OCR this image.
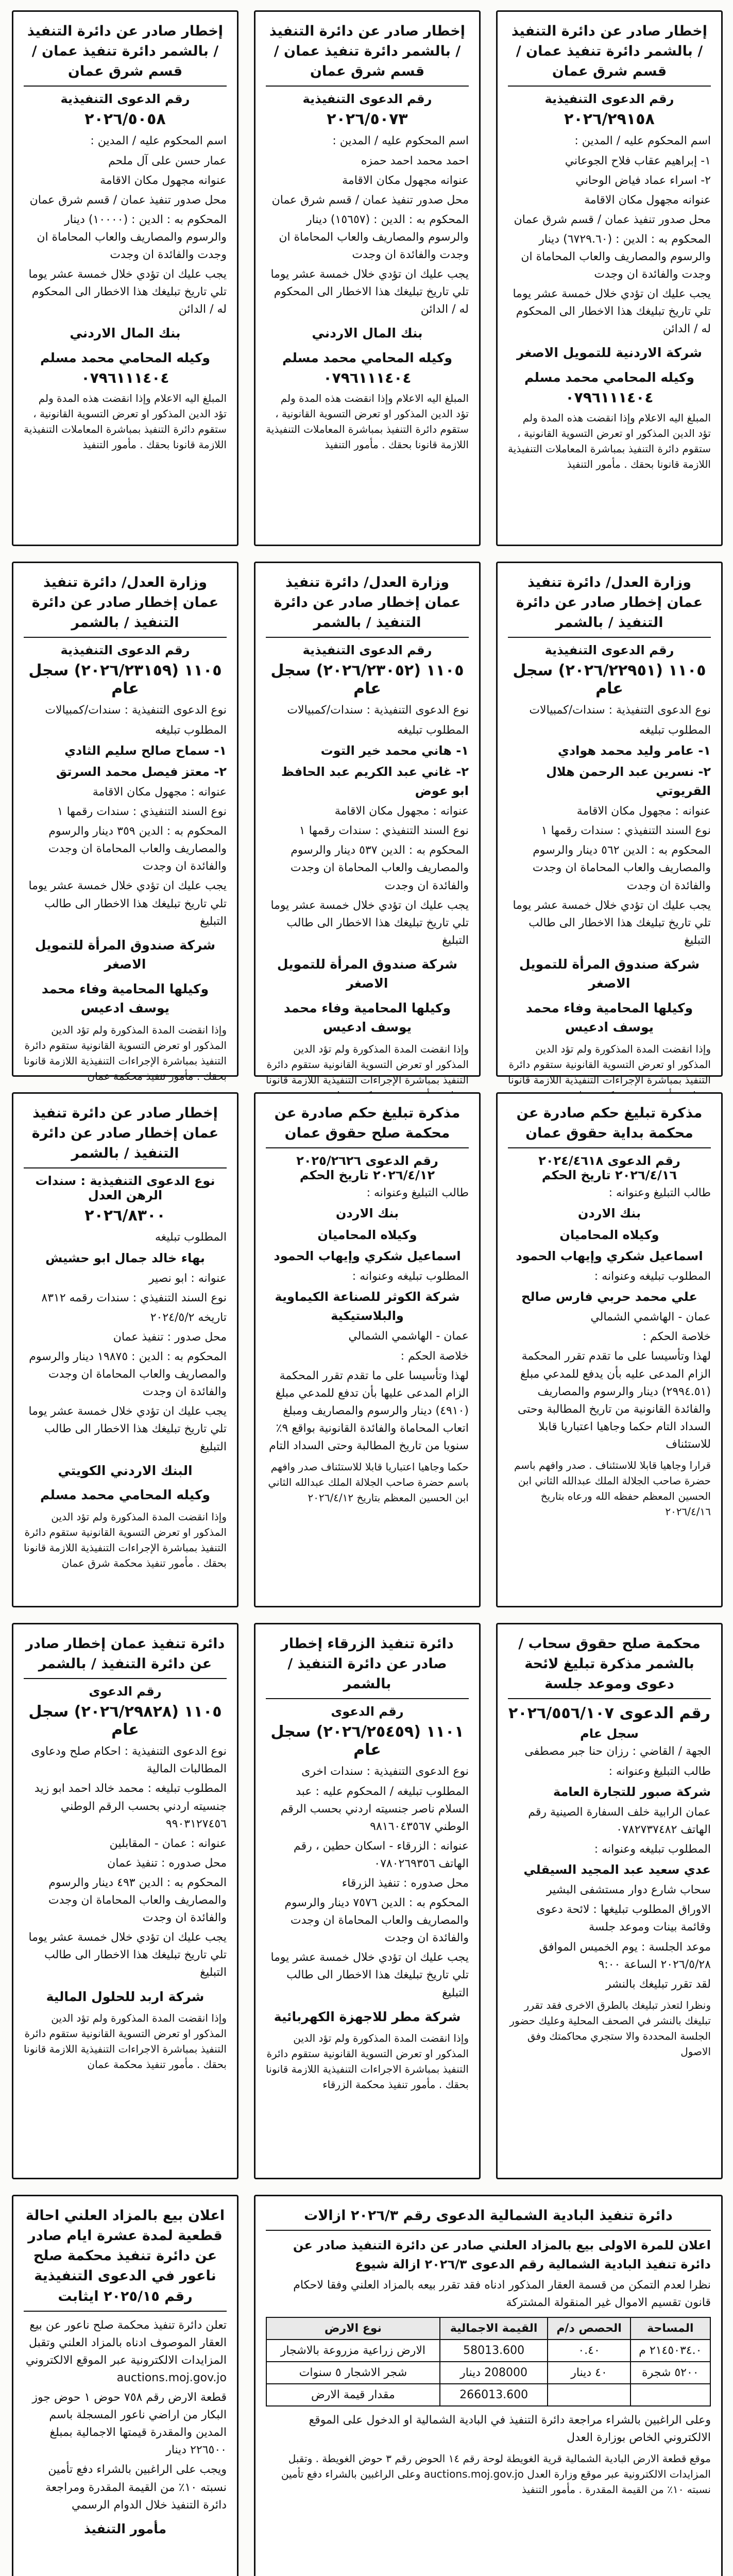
إخطار صادر عن دائرة التنفيذ / بالشمر دائرة تنفيذ عمان / قسم شرق عمان
رقم الدعوى التنفيذية
٢٠٢٦/٢٩١٥٨

اسم المحكوم عليه / المدين :

١- إبراهيم عقاب فلاح الجوعاني

٢- اسراء عماد فياض الوحاني

عنوانه مجهول مكان الاقامة

محل صدور تنفيذ عمان / قسم شرق عمان

المحكوم به : الدين : (٦٧٢٩.٦٠) دينار والرسوم والمصاريف والعاب المحاماة ان وجدت والفائدة ان وجدت

يجب عليك ان تؤدي خلال خمسة عشر يوما تلي تاريخ تبليغك هذا الاخطار الى المحكوم له / الدائن

شركة الاردنية للتمويل الاصغر
وكيله المحامي محمد مسلم
٠٧٩٦١١١٤٠٤
المبلغ اليه الاعلام وإذا انقضت هذه المدة ولم تؤد الدين المذكور او تعرض التسوية القانونية ، ستقوم دائرة التنفيذ بمباشرة المعاملات التنفيذية اللازمة قانونا بحقك . مأمور التنفيذ
إخطار صادر عن دائرة التنفيذ / بالشمر دائرة تنفيذ عمان / قسم شرق عمان
رقم الدعوى التنفيذية
٢٠٢٦/٥٠٧٣

اسم المحكوم عليه / المدين :

احمد محمد احمد حمزه

عنوانه مجهول مكان الاقامة

محل صدور تنفيذ عمان / قسم شرق عمان

المحكوم به : الدين : (١٥٦٥٧) دينار والرسوم والمصاريف والعاب المحاماة ان وجدت والفائدة ان وجدت

يجب عليك ان تؤدي خلال خمسة عشر يوما تلي تاريخ تبليغك هذا الاخطار الى المحكوم له / الدائن

بنك المال الاردني
وكيله المحامي محمد مسلم
٠٧٩٦١١١٤٠٤
المبلغ اليه الاعلام وإذا انقضت هذه المدة ولم تؤد الدين المذكور او تعرض التسوية القانونية ، ستقوم دائرة التنفيذ بمباشرة المعاملات التنفيذية اللازمة قانونا بحقك . مأمور التنفيذ
إخطار صادر عن دائرة التنفيذ / بالشمر دائرة تنفيذ عمان / قسم شرق عمان
رقم الدعوى التنفيذية
٢٠٢٦/٥٠٥٨

اسم المحكوم عليه / المدين :

عمار حسن على آل ملحم

عنوانه مجهول مكان الاقامة

محل صدور تنفيذ عمان / قسم شرق عمان

المحكوم به : الدين : (١٠٠٠٠) دينار والرسوم والمصاريف والعاب المحاماة ان وجدت والفائدة ان وجدت

يجب عليك ان تؤدي خلال خمسة عشر يوما تلي تاريخ تبليغك هذا الاخطار الى المحكوم له / الدائن

بنك المال الاردني
وكيله المحامي محمد مسلم
٠٧٩٦١١١٤٠٤
المبلغ اليه الاعلام وإذا انقضت هذه المدة ولم تؤد الدين المذكور او تعرض التسوية القانونية ، ستقوم دائرة التنفيذ بمباشرة المعاملات التنفيذية اللازمة قانونا بحقك . مأمور التنفيذ
وزارة العدل/ دائرة تنفيذ عمان إخطار صادر عن دائرة التنفيذ / بالشمر
رقم الدعوى التنفيذية
١١٠٥ (٢٠٢٦/٢٢٩٥١) سجل عام

نوع الدعوى التنفيذية : سندات/كمبيالات

المطلوب تبليغه

١- عامر وليد محمد هوادي

٢- نسرين عبد الرحمن هلال القريوتي

عنوانه : مجهول مكان الاقامة

نوع السند التنفيذي : سندات رقمها ١

المحكوم به : الدين ٥٦٢ دينار والرسوم والمصاريف والعاب المحاماة ان وجدت والفائدة ان وجدت

يجب عليك ان تؤدي خلال خمسة عشر يوما تلي تاريخ تبليغك هذا الاخطار الى طالب التبليغ

شركة صندوق المرأة للتمويل الاصغر
وكيلها المحامية وفاء محمد يوسف ادعيس
وإذا انقضت المدة المذكورة ولم تؤد الدين المذكور او تعرض التسوية القانونية ستقوم دائرة التنفيذ بمباشرة الإجراءات التنفيذية اللازمة قانونا
وزارة العدل/ دائرة تنفيذ عمان إخطار صادر عن دائرة التنفيذ / بالشمر
رقم الدعوى التنفيذية
١١٠٥ (٢٠٢٦/٢٣٠٥٢) سجل عام

نوع الدعوى التنفيذية : سندات/كمبيالات

المطلوب تبليغه

١- هاني محمد خير التوت

٢- غاني عبد الكريم عبد الحافظ ابو عوض

عنوانه : مجهول مكان الاقامة

نوع السند التنفيذي : سندات رقمها ١

المحكوم به : الدين ٥٣٧ دينار والرسوم والمصاريف والعاب المحاماة ان وجدت والفائدة ان وجدت

يجب عليك ان تؤدي خلال خمسة عشر يوما تلي تاريخ تبليغك هذا الاخطار الى طالب التبليغ

شركة صندوق المرأة للتمويل الاصغر
وكيلها المحامية وفاء محمد يوسف ادعيس
وإذا انقضت المدة المذكورة ولم تؤد الدين المذكور او تعرض التسوية القانونية ستقوم دائرة التنفيذ بمباشرة الإجراءات التنفيذية اللازمة قانونا
وزارة العدل/ دائرة تنفيذ عمان إخطار صادر عن دائرة التنفيذ / بالشمر
رقم الدعوى التنفيذية
١١٠٥ (٢٠٢٦/٢٣١٥٩) سجل عام

نوع الدعوى التنفيذية : سندات/كمبيالات

المطلوب تبليغه

١- سماح صالح سليم الثادي

٢- معتز فيصل محمد السرتق

عنوانه : مجهول مكان الاقامة

نوع السند التنفيذي : سندات رقمها ١

المحكوم به : الدين ٣٥٩ دينار والرسوم والمصاريف والعاب المحاماة ان وجدت والفائدة ان وجدت

يجب عليك ان تؤدي خلال خمسة عشر يوما تلي تاريخ تبليغك هذا الاخطار الى طالب التبليغ

شركة صندوق المرأة للتمويل الاصغر
وكيلها المحامية وفاء محمد يوسف ادعيس
وإذا انقضت المدة المذكورة ولم تؤد الدين المذكور او تعرض التسوية القانونية ستقوم دائرة التنفيذ بمباشرة الإجراءات التنفيذية اللازمة قانونا بحقك . مأمور تنفيذ محكمة عمان
مذكرة تبليغ حكم صادرة عن محكمة بداية حقوق عمان
رقم الدعوى ٢٠٢٤/٤٦١٨
٢٠٢٦/٤/١٦ تاريخ الحكم

طالب التبليغ وعنوانه :

بنك الاردن

وكيلاه المحاميان

اسماعيل شكري وإيهاب الحمود

المطلوب تبليغه وعنوانه :

علي محمد حربي فارس صالح

عمان - الهاشمي الشمالي

خلاصة الحكم :

لهذا وتأسيسا على ما تقدم تقرر المحكمة الزام المدعى عليه بأن يدفع للمدعي مبلغ (٢٩٩٤.٥١) دينار والرسوم والمصاريف والفائدة القانونية من تاريخ المطالبة وحتى السداد التام حكما وجاهيا اعتباريا قابلا للاستئناف

قرارا وجاهيا قابلا للاستئناف . صدر وافهم باسم حضرة صاحب الجلالة الملك عبدالله الثاني ابن الحسين المعظم حفظه الله ورعاه بتاريخ ٢٠٢٦/٤/١٦
مذكرة تبليغ حكم صادرة عن محكمة صلح حقوق عمان
رقم الدعوى ٢٠٢٥/٢٦٢٦
٢٠٢٦/٤/١٢ تاريخ الحكم

طالب التبليغ وعنوانه :

بنك الاردن

وكيلاه المحاميان

اسماعيل شكري وإيهاب الحمود

المطلوب تبليغه وعنوانه :

شركة الكوثر للصناعة الكيماوية والبلاستيكية

عمان - الهاشمي الشمالي

خلاصة الحكم :

لهذا وتأسيسا على ما تقدم تقرر المحكمة الزام المدعى عليها بأن تدفع للمدعي مبلغ (٤٩١٠) دينار والرسوم والمصاريف ومبلغ اتعاب المحاماة والفائدة القانونية بواقع ٩٪ سنويا من تاريخ المطالبة وحتى السداد التام

حكما وجاهيا اعتباريا قابلا للاستئناف صدر وافهم باسم حضرة صاحب الجلالة الملك عبدالله الثاني ابن الحسين المعظم بتاريخ ٢٠٢٦/٤/١٢
إخطار صادر عن دائرة تنفيذ عمان إخطار صادر عن دائرة التنفيذ / بالشمر
نوع الدعوى التنفيذية : سندات الرهن العدل
٢٠٢٦/٨٣٠٠

المطلوب تبليغه

بهاء خالد جمال ابو حشيش

عنوانه : ابو نصير

نوع السند التنفيذي : سندات رقمه ٨٣١٢

تاريخه ٢٠٢٤/٥/٢

محل صدور : تنفيذ عمان

المحكوم به : الدين : ١٩٨٧٥ دينار والرسوم والمصاريف والعاب المحاماة ان وجدت والفائدة ان وجدت

يجب عليك ان تؤدي خلال خمسة عشر يوما تلي تاريخ تبليغك هذا الاخطار الى طالب التبليغ

البنك الاردني الكويتي
وكيله المحامي محمد مسلم
وإذا انقضت المدة المذكورة ولم تؤد الدين المذكور او تعرض التسوية القانونية ستقوم دائرة التنفيذ بمباشرة الإجراءات التنفيذية اللازمة قانونا بحقك . مأمور تنفيذ محكمة شرق عمان
محكمة صلح حقوق سحاب / بالشمر مذكرة تبليغ لائحة دعوى وموعد جلسة
رقم الدعوى ٢٠٢٦/٥٥٦/١٠٧
سجل عام

الجهة / القاضي : رزان حنا جبر مصطفى

طالب التبليغ وعنوانه :

شركة صبور للتجارة العامة

عمان الرابية خلف السفارة الصينية رقم الهاتف ٠٧٨٢٧٣٧٤٨٢

المطلوب تبليغه وعنوانه :

عدي سعيد عبد المجيد السيقلي

سحاب شارع دوار مستشفى البشير

الاوراق المطلوب تبليغها : لائحة دعوى وقائمة بينات وموعد جلسة

موعد الجلسة : يوم الخميس الموافق ٢٠٢٦/٥/٢٨ الساعة ٩:٠٠

لقد تقرر تبليغك بالنشر

ونظرا لتعذر تبليغك بالطرق الاخرى فقد تقرر تبليغك بالنشر في الصحف المحلية وعليك حضور الجلسة المحددة والا ستجري محاكمتك وفق الاصول
دائرة تنفيذ الزرقاء إخطار صادر عن دائرة التنفيذ / بالشمر
رقم الدعوى
١١٠١ (٢٠٢٦/٢٥٤٥٩) سجل عام

نوع الدعوى التنفيذية : سندات اخرى

المطلوب تبليغه / المحكوم عليه : عبد السلام ناصر جنسيته اردني بحسب الرقم الوطني ٩٨١٦٠٤٣٥٦٧

عنوانه : الزرقاء - اسكان حطين ، رقم الهاتف ٠٧٨٠٢٦٩٣٥٦

محل صدوره : تنفيذ الزرقاء

المحكوم به : الدين ٧٥٧٦ دينار والرسوم والمصاريف والعاب المحاماة ان وجدت والفائدة ان وجدت

يجب عليك ان تؤدي خلال خمسة عشر يوما تلي تاريخ تبليغك هذا الاخطار الى طالب التبليغ

شركة مطر للاجهزة الكهربائية
وإذا انقضت المدة المذكورة ولم تؤد الدين المذكور او تعرض التسوية القانونية ستقوم دائرة التنفيذ بمباشرة الاجراءات التنفيذية اللازمة قانونا بحقك . مأمور تنفيذ محكمة الزرقاء
دائرة تنفيذ عمان إخطار صادر عن دائرة التنفيذ / بالشمر
رقم الدعوى
١١٠٥ (٢٠٢٦/٢٩٨٢٨) سجل عام

نوع الدعوى التنفيذية : احكام صلح ودعاوى المطالبات المالية

المطلوب تبليغه : محمد خالد احمد ابو زيد جنسيته اردني بحسب الرقم الوطني ٩٩٠٣١٢٧٤٥٦

عنوانه : عمان - المقابلين

محل صدوره : تنفيذ عمان

المحكوم به : الدين ٤٩٣ دينار والرسوم والمصاريف والعاب المحاماة ان وجدت والفائدة ان وجدت

يجب عليك ان تؤدي خلال خمسة عشر يوما تلي تاريخ تبليغك هذا الاخطار الى طالب التبليغ

شركة اربد للحلول المالية
وإذا انقضت المدة المذكورة ولم تؤد الدين المذكور او تعرض التسوية القانونية ستقوم دائرة التنفيذ بمباشرة الاجراءات التنفيذية اللازمة قانونا بحقك . مأمور تنفيذ محكمة عمان
دائرة تنفيذ البادية الشمالية الدعوى رقم ٢٠٢٦/٣ ازالات

اعلان للمرة الاولى بيع بالمزاد العلني صادر عن دائرة التنفيذ صادر عن دائرة تنفيذ البادية الشمالية رقم الدعوى ٢٠٢٦/٣ ازالة شيوع

نظرا لعدم التمكن من قسمة العقار المذكور ادناه فقد تقرر بيعه بالمزاد العلني وفقا لاحكام قانون تقسيم الاموال غير المنقولة المشتركة

المساحة	الحصص د/م	القيمة الاجمالية	نوع الارض
٢١٤٥٠٣٤.٠ م	٠.٤٠	58013.600	الارض زراعية مزروعة بالاشجار
٥٢٠٠ شجرة	٤٠ دينار	208000 دينار	شجر الاشجار ٥ سنوات
		266013.600	مقدار قيمة الارض

وعلى الراغبين بالشراء مراجعة دائرة التنفيذ في البادية الشمالية او الدخول على الموقع الالكتروني الخاص بوزارة العدل

موقع قطعة الارض البادية الشمالية قرية الغويطة لوحة رقم ١٤ الحوض رقم ٣ حوض الغويطة . وتقبل المزايدات الالكترونية عبر موقع وزارة العدل auctions.moj.gov.jo وعلى الراغبين بالشراء دفع تأمين نسبته ١٠٪ من القيمة المقدرة . مأمور التنفيذ
اعلان بيع بالمزاد العلني احالة قطعية لمدة عشرة ايام صادر عن دائرة تنفيذ محكمة صلح ناعور في الدعوى التنفيذية رقم ٢٠٢٥/١٥ ايثابت

تعلن دائرة تنفيذ محكمة صلح ناعور عن بيع العقار الموصوف ادناه بالمزاد العلني وتقبل المزايدات الالكترونية عبر الموقع الالكتروني auctions.moj.gov.jo

قطعة الارض رقم ٧٥٨ حوض ١ حوض جوز البكار من اراضي ناعور المسجلة باسم المدين والمقدرة قيمتها الاجمالية بمبلغ ٢٢٦٥٠٠ دينار

ويجب على الراغبين بالشراء دفع تأمين نسبته ١٠٪ من القيمة المقدرة ومراجعة دائرة التنفيذ خلال الدوام الرسمي

مأمور التنفيذ
